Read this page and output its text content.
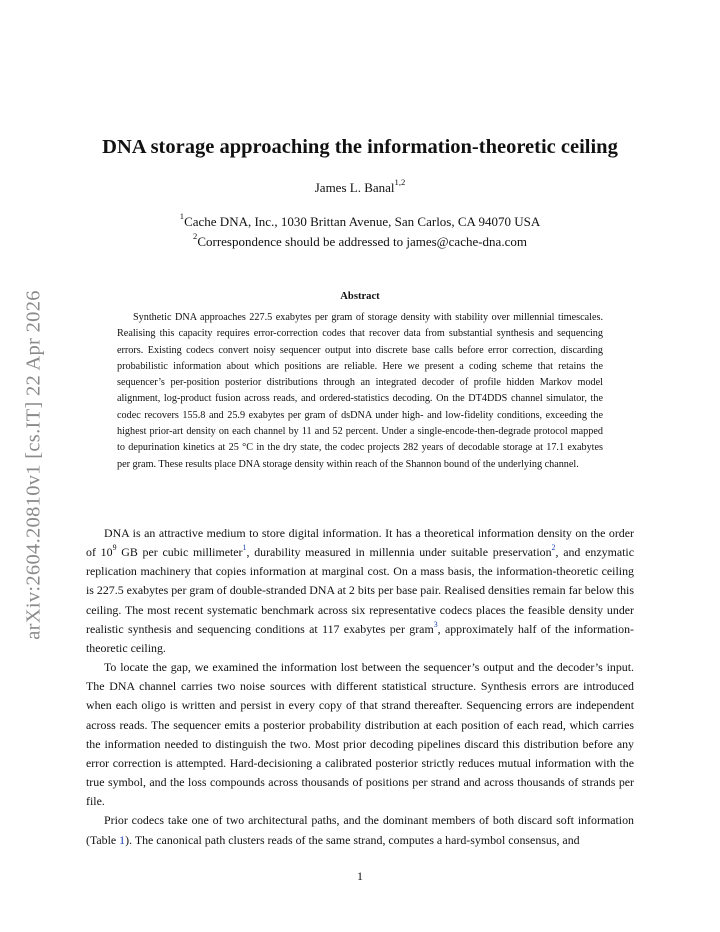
arXiv:2604.20810v1 [cs.IT] 22 Apr 2026
DNA storage approaching the information-theoretic ceiling
James L. Banal$^{1,2}$
$^1$Cache DNA, Inc., 1030 Brittan Avenue, San Carlos, CA 94070 USA
$^2$Correspondence should be addressed to james@cache-dna.com
Abstract
Synthetic DNA approaches 227.5 exabytes per gram of storage density with stability over millennial timescales. Realising this capacity requires error-correction codes that recover data from substantial synthesis and sequencing errors. Existing codecs convert noisy sequencer output into discrete base calls before error correction, discarding probabilistic information about which positions are reliable. Here we present a coding scheme that retains the sequencer’s per-position posterior distributions through an integrated decoder of profile hidden Markov model alignment, log-product fusion across reads, and ordered-statistics decoding. On the DT4DDS channel simulator, the codec recovers 155.8 and 25.9 exabytes per gram of dsDNA under high- and low-fidelity conditions, exceeding the highest prior-art density on each channel by 11 and 52 percent. Under a single-encode-then-degrade protocol mapped to depurination kinetics at 25 °C in the dry state, the codec projects 282 years of decodable storage at 17.1 exabytes per gram. These results place DNA storage density within reach of the Shannon bound of the underlying channel.

DNA is an attractive medium to store digital information. It has a theoretical information density on the order of $10^9$ GB per cubic millimeter$^1$, durability measured in millennia under suitable preservation$^2$, and enzymatic replication machinery that copies information at marginal cost. On a mass basis, the information-theoretic ceiling is 227.5 exabytes per gram of double-stranded DNA at 2 bits per base pair. Realised densities remain far below this ceiling. The most recent systematic benchmark across six representative codecs places the feasible density under realistic synthesis and sequencing conditions at 117 exabytes per gram$^3$, approximately half of the information-theoretic ceiling.

To locate the gap, we examined the information lost between the sequencer’s output and the decoder’s input. The DNA channel carries two noise sources with different statistical structure. Synthesis errors are introduced when each oligo is written and persist in every copy of that strand thereafter. Sequencing errors are independent across reads. The sequencer emits a posterior probability distribution at each position of each read, which carries the information needed to distinguish the two. Most prior decoding pipelines discard this distribution before any error correction is attempted. Hard-decisioning a calibrated posterior strictly reduces mutual information with the true symbol, and the loss compounds across thousands of positions per strand and across thousands of strands per file.

Prior codecs take one of two architectural paths, and the dominant members of both discard soft information (Table 1). The canonical path clusters reads of the same strand, computes a hard-symbol consensus, and

1
